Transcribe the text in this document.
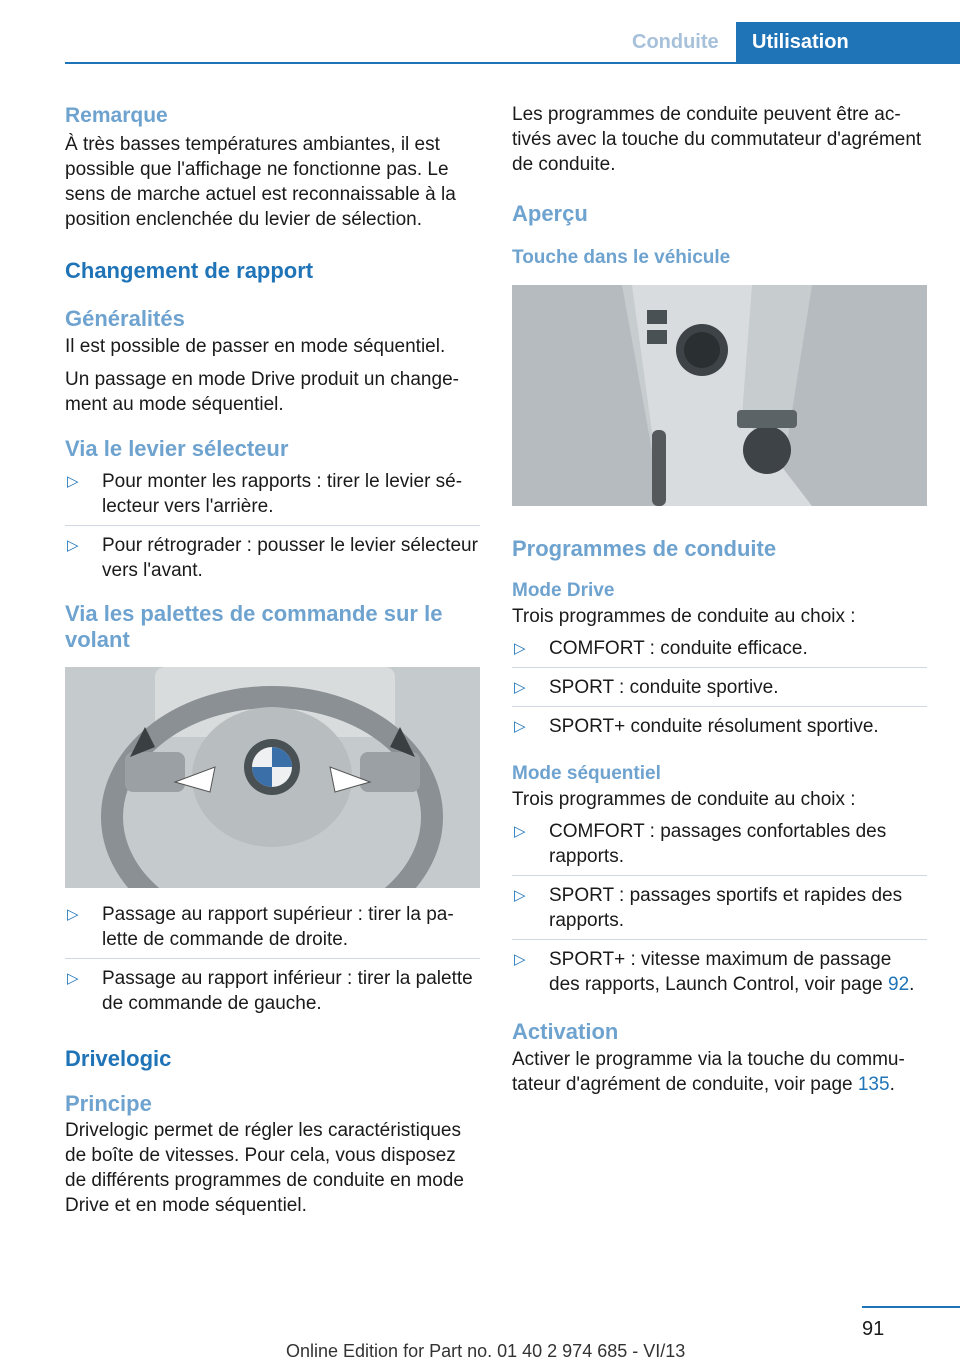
Conduite	Utilisation
Remarque

À très basses températures ambiantes, il est possible que l'affichage ne fonctionne pas. Le sens de marche actuel est reconnaissable à la position enclenchée du levier de sélection.

Changement de rapport
Généralités

Il est possible de passer en mode séquentiel.

Un passage en mode Drive produit un changement au mode séquentiel.

Via le levier sélecteur
▷	Pour monter les rapports : tirer le levier sélecteur vers l'arrière.
▷	Pour rétrograder : pousser le levier sélecteur vers l'avant.
Via les palettes de commande sur le volant
▷	Passage au rapport supérieur : tirer la palette de commande de droite.
▷	Passage au rapport inférieur : tirer la palette de commande de gauche.
Drivelogic
Principe

Drivelogic permet de régler les caractéristiques de boîte de vitesses. Pour cela, vous disposez de différents programmes de conduite en mode Drive et en mode séquentiel.

Les programmes de conduite peuvent être activés avec la touche du commutateur d'agrément de conduite.

Aperçu
Touche dans le véhicule
Programmes de conduite
Mode Drive

Trois programmes de conduite au choix :

▷	COMFORT : conduite efficace.
▷	SPORT : conduite sportive.
▷	SPORT+ conduite résolument sportive.
Mode séquentiel

Trois programmes de conduite au choix :

▷	COMFORT : passages confortables des rapports.
▷	SPORT : passages sportifs et rapides des rapports.
▷	SPORT+ : vitesse maximum de passage des rapports, Launch Control, voir page 92.
Activation

Activer le programme via la touche du commutateur d'agrément de conduite, voir page 135.

91
Online Edition for Part no. 01 40 2 974 685 - VI/13
